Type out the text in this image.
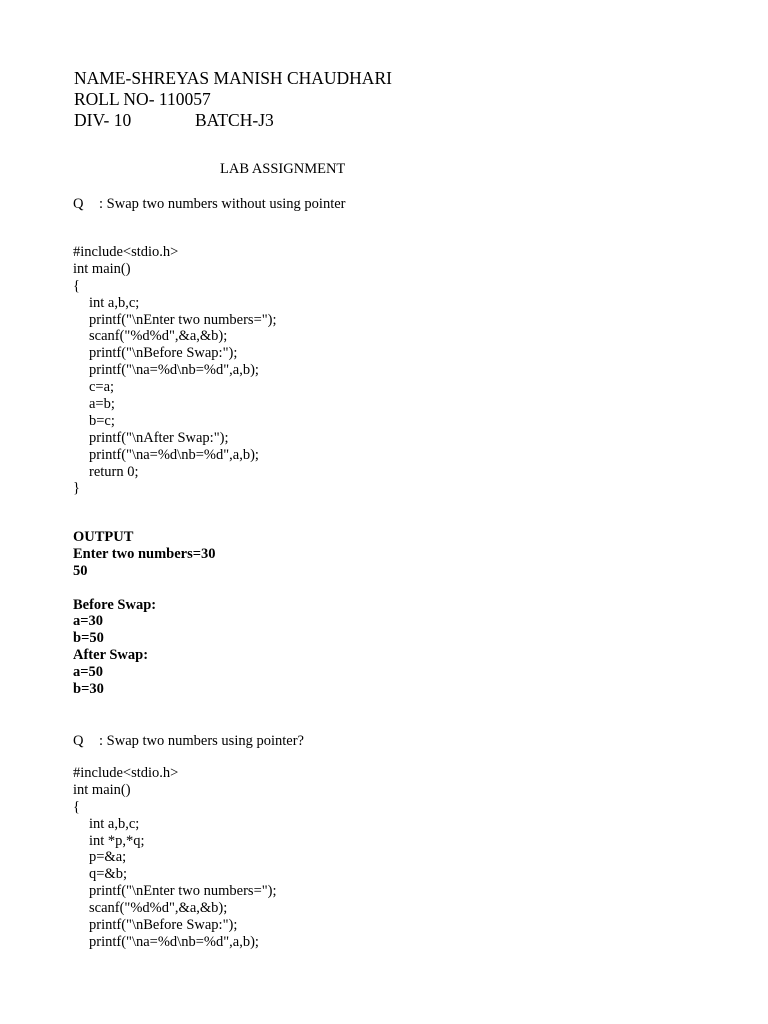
NAME-SHREYAS MANISH CHAUDHARI
ROLL NO- 110057
DIV- 10	BATCH-J3
LAB ASSIGNMENT
Q : Swap two numbers without using pointer
#include<stdio.h>
int main()
{
int a,b,c;
printf("\nEnter two numbers=");
scanf("%d%d",&a,&b);
printf("\nBefore Swap:");
printf("\na=%d\nb=%d",a,b);
c=a;
a=b;
b=c;
printf("\nAfter Swap:");
printf("\na=%d\nb=%d",a,b);
return 0;
}
OUTPUT
Enter two numbers=30
50
Before Swap:
a=30
b=50
After Swap:
a=50
b=30
Q : Swap two numbers using pointer?
#include<stdio.h>
int main()
{
int a,b,c;
int *p,*q;
p=&a;
q=&b;
printf("\nEnter two numbers=");
scanf("%d%d",&a,&b);
printf("\nBefore Swap:");
printf("\na=%d\nb=%d",a,b);
